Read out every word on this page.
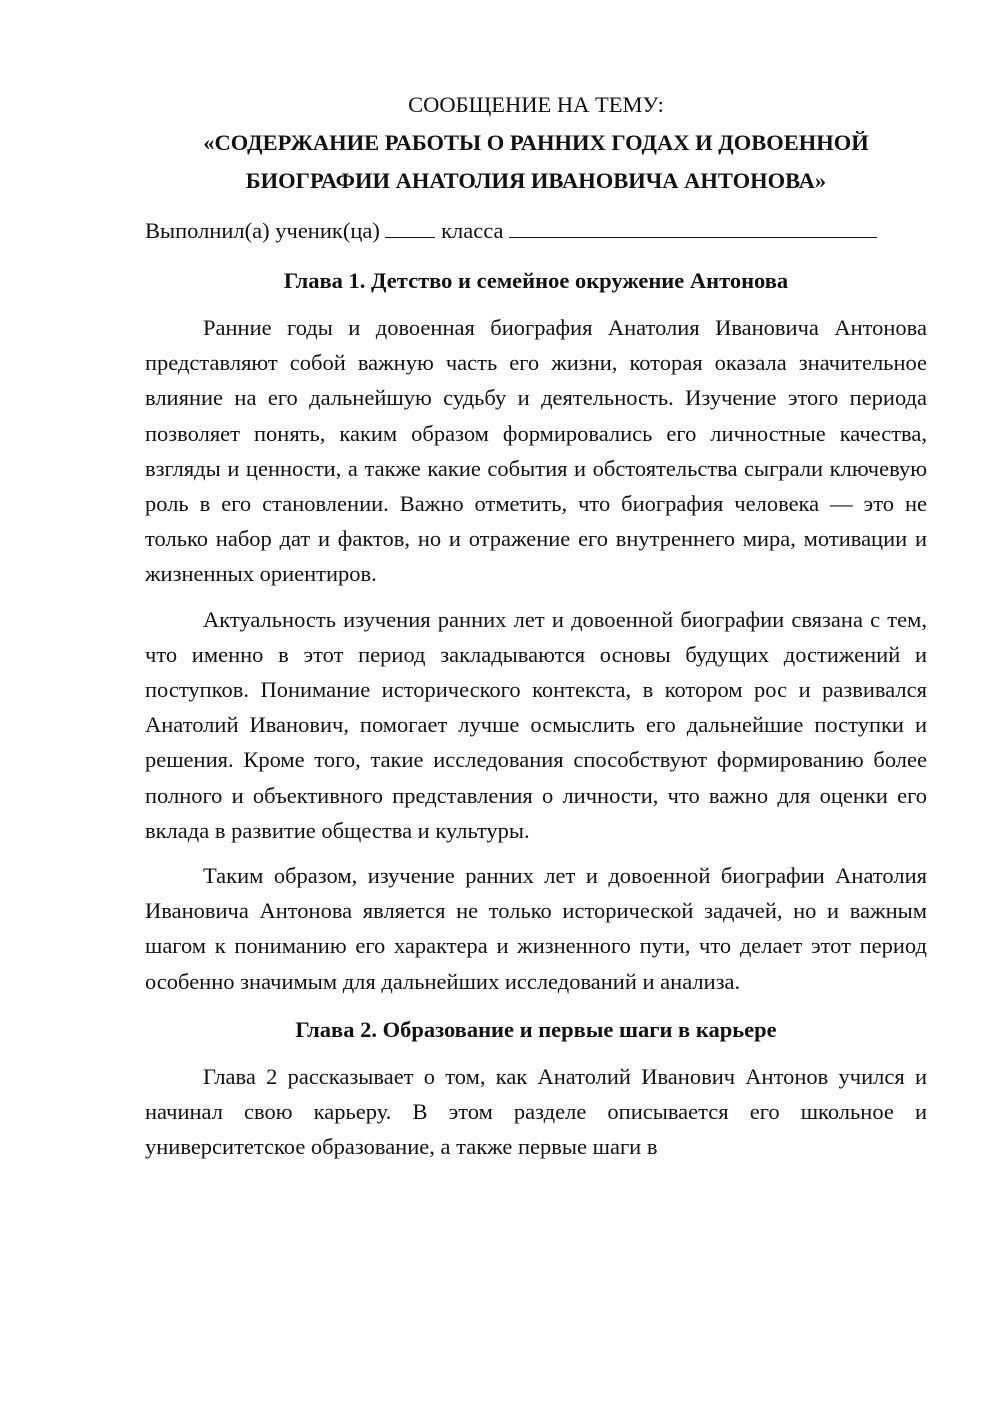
СООБЩЕНИЕ НА ТЕМУ:

«СОДЕРЖАНИЕ РАБОТЫ О РАННИХ ГОДАХ И ДОВОЕННОЙ

БИОГРАФИИ АНАТОЛИЯ ИВАНОВИЧА АНТОНОВА»

Выполнил(а) ученик(ца)	класса

Глава 1. Детство и семейное окружение Антонова

Ранние годы и довоенная биография Анатолия Ивановича Антонова представляют собой важную часть его жизни, которая оказала значительное влияние на его дальнейшую судьбу и деятельность. Изучение этого периода позволяет понять, каким образом формировались его личностные качества, взгляды и ценности, а также какие события и обстоятельства сыграли ключевую роль в его становлении. Важно отметить, что биография человека — это не только набор дат и фактов, но и отражение его внутреннего мира, мотивации и жизненных ориентиров.

Актуальность изучения ранних лет и довоенной биографии связана с тем, что именно в этот период закладываются основы будущих достижений и поступков. Понимание исторического контекста, в котором рос и развивался Анатолий Иванович, помогает лучше осмыслить его дальнейшие поступки и решения. Кроме того, такие исследования способствуют формированию более полного и объективного представления о личности, что важно для оценки его вклада в развитие общества и культуры.

Таким образом, изучение ранних лет и довоенной биографии Анатолия Ивановича Антонова является не только исторической задачей, но и важным шагом к пониманию его характера и жизненного пути, что делает этот период особенно значимым для дальнейших исследований и анализа.

Глава 2. Образование и первые шаги в карьере

Глава 2 рассказывает о том, как Анатолий Иванович Антонов учился и начинал свою карьеру. В этом разделе описывается его школьное и университетское образование, а также первые шаги в
